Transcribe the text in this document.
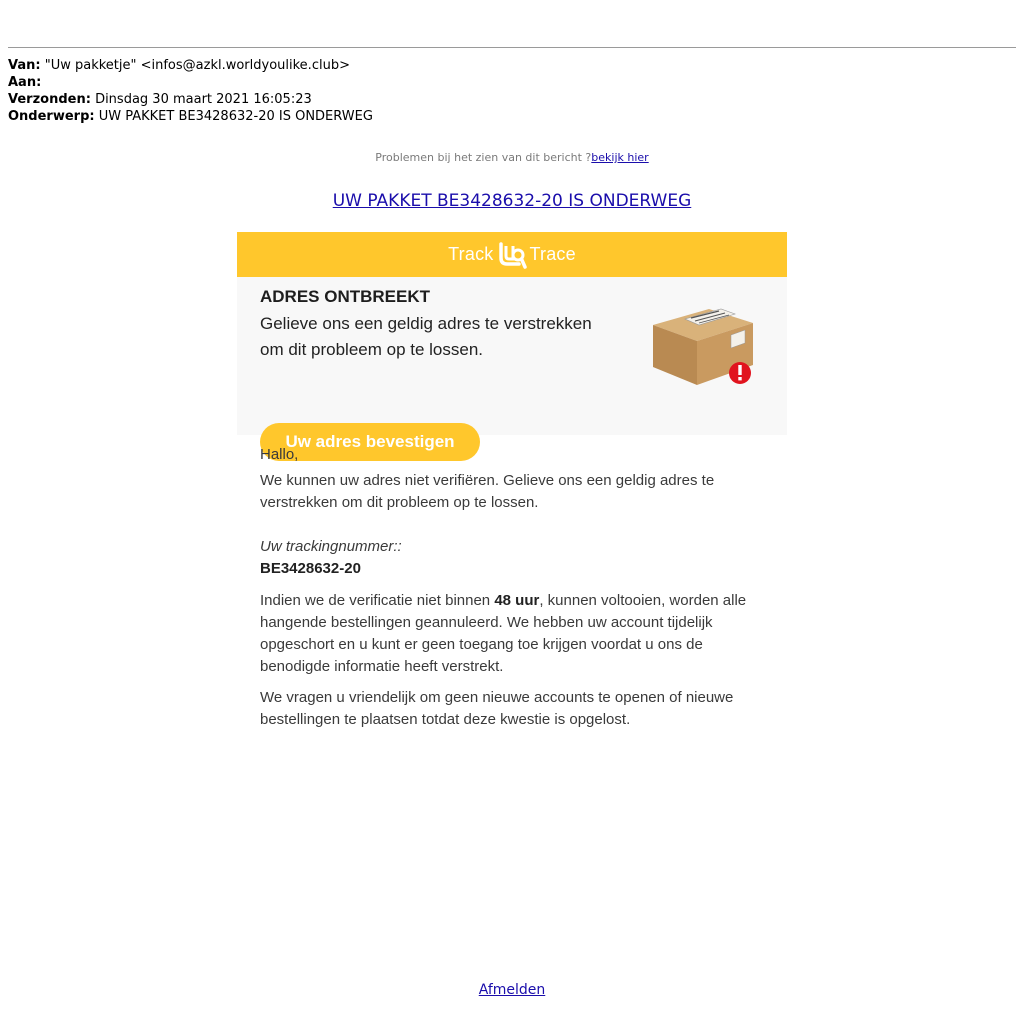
Van: "Uw pakketje" <infos@azkl.worldyoulike.club>
Aan:
Verzonden: Dinsdag 30 maart 2021 16:05:23
Onderwerp: UW PAKKET BE3428632-20 IS ONDERWEG
Problemen bij het zien van dit bericht ?bekijk hier
UW PAKKET BE3428632-20 IS ONDERWEG
Track Trace
ADRES ONTBREEKT
Gelieve ons een geldig adres te verstrekken om dit probleem op te lossen.
Uw adres bevestigen

Hallo,

We kunnen uw adres niet verifiëren. Gelieve ons een geldig adres te verstrekken om dit probleem op te lossen.

Uw trackingnummer::

BE3428632-20

Indien we de verificatie niet binnen 48 uur, kunnen voltooien, worden alle hangende bestellingen geannuleerd. We hebben uw account tijdelijk opgeschort en u kunt er geen toegang toe krijgen voordat u ons de benodigde informatie heeft verstrekt.

We vragen u vriendelijk om geen nieuwe accounts te openen of nieuwe bestellingen te plaatsen totdat deze kwestie is opgelost.

Afmelden
